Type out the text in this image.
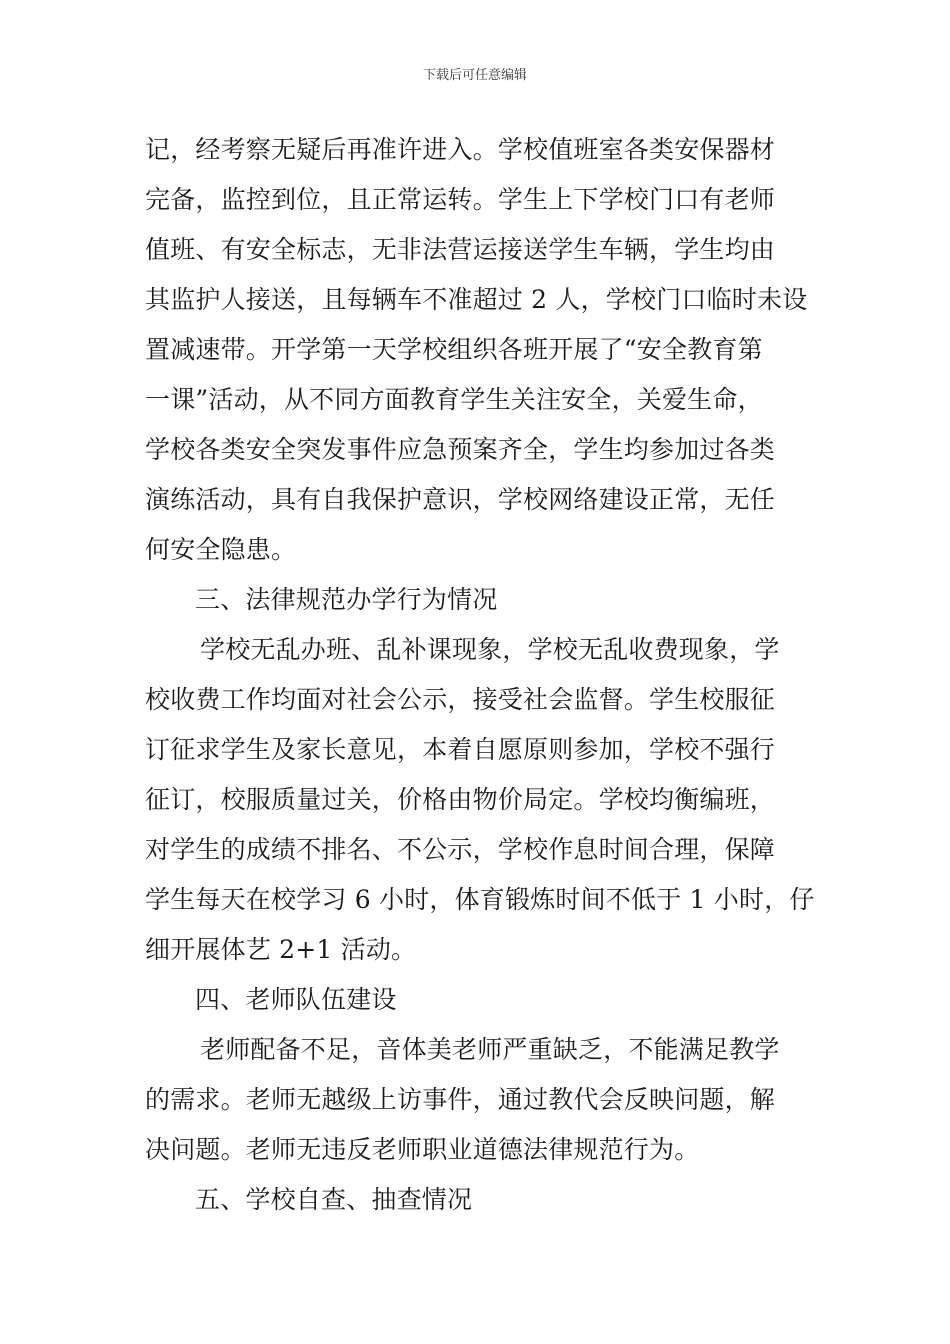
下载后可任意编辑
记，经考察无疑后再准许进入。学校值班室各类安保器材
完备，监控到位，且正常运转。学生上下学校门口有老师
值班、有安全标志，无非法营运接送学生车辆，学生均由
其监护人接送，且每辆车不准超过 2 人，学校门口临时未设
置减速带。开学第一天学校组织各班开展了“安全教育第
一课”活动，从不同方面教育学生关注安全，关爱生命，
学校各类安全突发事件应急预案齐全，学生均参加过各类
演练活动，具有自我保护意识，学校网络建设正常，无任
何安全隐患。
三、法律规范办学行为情况
学校无乱办班、乱补课现象，学校无乱收费现象，学
校收费工作均面对社会公示，接受社会监督。学生校服征
订征求学生及家长意见，本着自愿原则参加，学校不强行
征订，校服质量过关，价格由物价局定。学校均衡编班，
对学生的成绩不排名、不公示，学校作息时间合理，保障
学生每天在校学习 6 小时，体育锻炼时间不低于 1 小时，仔
细开展体艺 2+1 活动。
四、老师队伍建设
老师配备不足，音体美老师严重缺乏，不能满足教学
的需求。老师无越级上访事件，通过教代会反映问题，解
决问题。老师无违反老师职业道德法律规范行为。
五、学校自查、抽查情况
